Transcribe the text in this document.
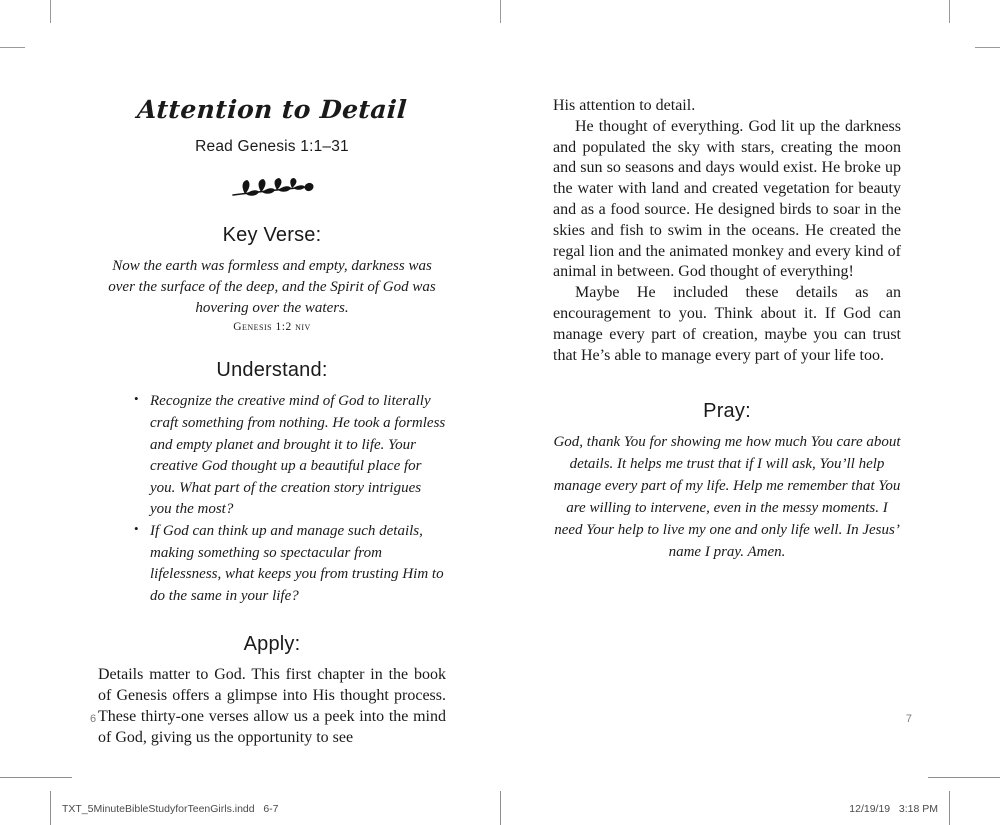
Attention to Detail

Read Genesis 1:1–31

Key Verse:

Now the earth was formless and empty, darkness was over the surface of the deep, and the Spirit of God was hovering over the waters.

Genesis 1:2 niv

Understand:
• Recognize the creative mind of God to literally craft something from nothing. He took a formless and empty planet and brought it to life. Your creative God thought up a beautiful place for you. What part of the creation story intrigues you the most?
• If God can think up and manage such details, making something so spectacular from lifelessness, what keeps you from trusting Him to do the same in your life?
Apply:

Details matter to God. This first chapter in the book of Genesis offers a glimpse into His thought process. These thirty-one verses allow us a peek into the mind of God, giving us the opportunity to see

6

His attention to detail.

He thought of everything. God lit up the darkness and populated the sky with stars, creating the moon and sun so seasons and days would exist. He broke up the water with land and created vegetation for beauty and as a food source. He designed birds to soar in the skies and fish to swim in the oceans. He created the regal lion and the animated monkey and every kind of animal in between. God thought of everything!

Maybe He included these details as an encouragement to you. Think about it. If God can manage every part of creation, maybe you can trust that He’s able to manage every part of your life too.

Pray:

God, thank You for showing me how much You care about details. It helps me trust that if I will ask, You’ll help manage every part of my life. Help me remember that You are willing to intervene, even in the messy moments. I need Your help to live my one and only life well. In Jesus’ name I pray. Amen.

7
TXT_5MinuteBibleStudyforTeenGirls.indd   6-7	12/19/19   3:18 PM
